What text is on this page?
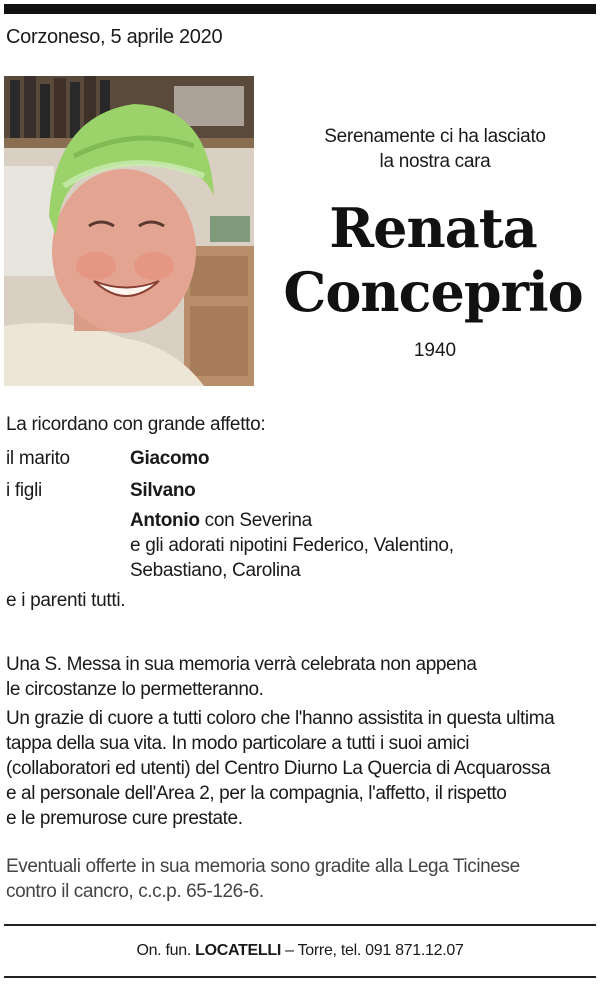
Corzoneso, 5 aprile 2020
Serenamente ci ha lasciato
la nostra cara
Renata
Conceprio
1940
La ricordano con grande affetto:
il marito	Giacomo
i figli	Silvano
Antonio con Severina
e gli adorati nipotini Federico, Valentino,
Sebastiano, Carolina
e i parenti tutti.
Una S. Messa in sua memoria verrà celebrata non appena
le circostanze lo permetteranno.
Un grazie di cuore a tutti coloro che l'hanno assistita in questa ultima
tappa della sua vita. In modo particolare a tutti i suoi amici
(collaboratori ed utenti) del Centro Diurno La Quercia di Acquarossa
e al personale dell'Area 2, per la compagnia, l'affetto, il rispetto
e le premurose cure prestate.
Eventuali offerte in sua memoria sono gradite alla Lega Ticinese
contro il cancro, c.c.p. 65-126-6.
On. fun. LOCATELLI – Torre, tel. 091 871.12.07
